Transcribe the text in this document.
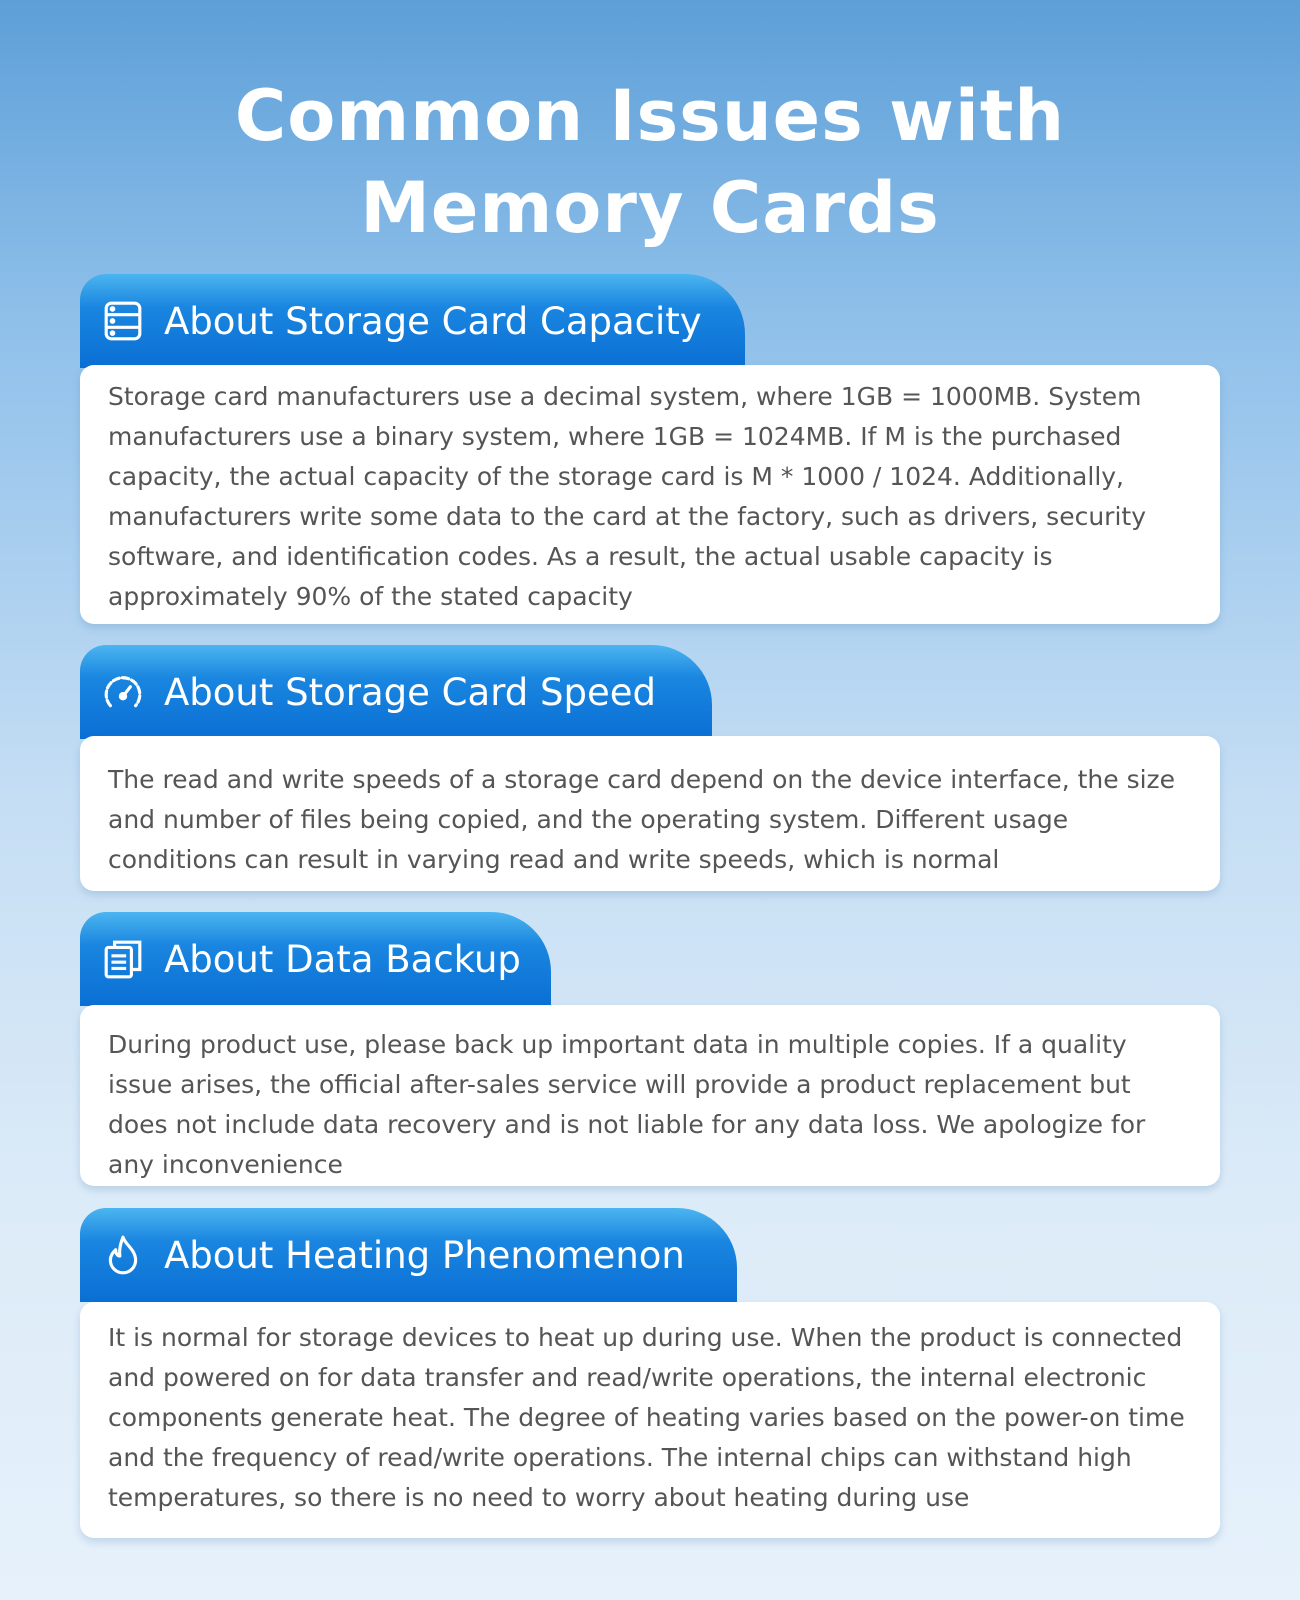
Common Issues with
Memory Cards
About Storage Card Capacity
Storage card manufacturers use a decimal system, where 1GB = 1000MB. System manufacturers use a binary system, where 1GB = 1024MB. If M is the purchased capacity, the actual capacity of the storage card is M * 1000 / 1024. Additionally, manufacturers write some data to the card at the factory, such as drivers, security software, and identification codes. As a result, the actual usable capacity is approximately 90% of the stated capacity
About Storage Card Speed
The read and write speeds of a storage card depend on the device interface, the size and number of files being copied, and the operating system. Different usage conditions can result in varying read and write speeds, which is normal
About Data Backup
During product use, please back up important data in multiple copies. If a quality issue arises, the official after-sales service will provide a product replacement but does not include data recovery and is not liable for any data loss. We apologize for any inconvenience
About Heating Phenomenon
It is normal for storage devices to heat up during use. When the product is connected and powered on for data transfer and read/write operations, the internal electronic components generate heat. The degree of heating varies based on the power-on time and the frequency of read/write operations. The internal chips can withstand high temperatures, so there is no need to worry about heating during use
